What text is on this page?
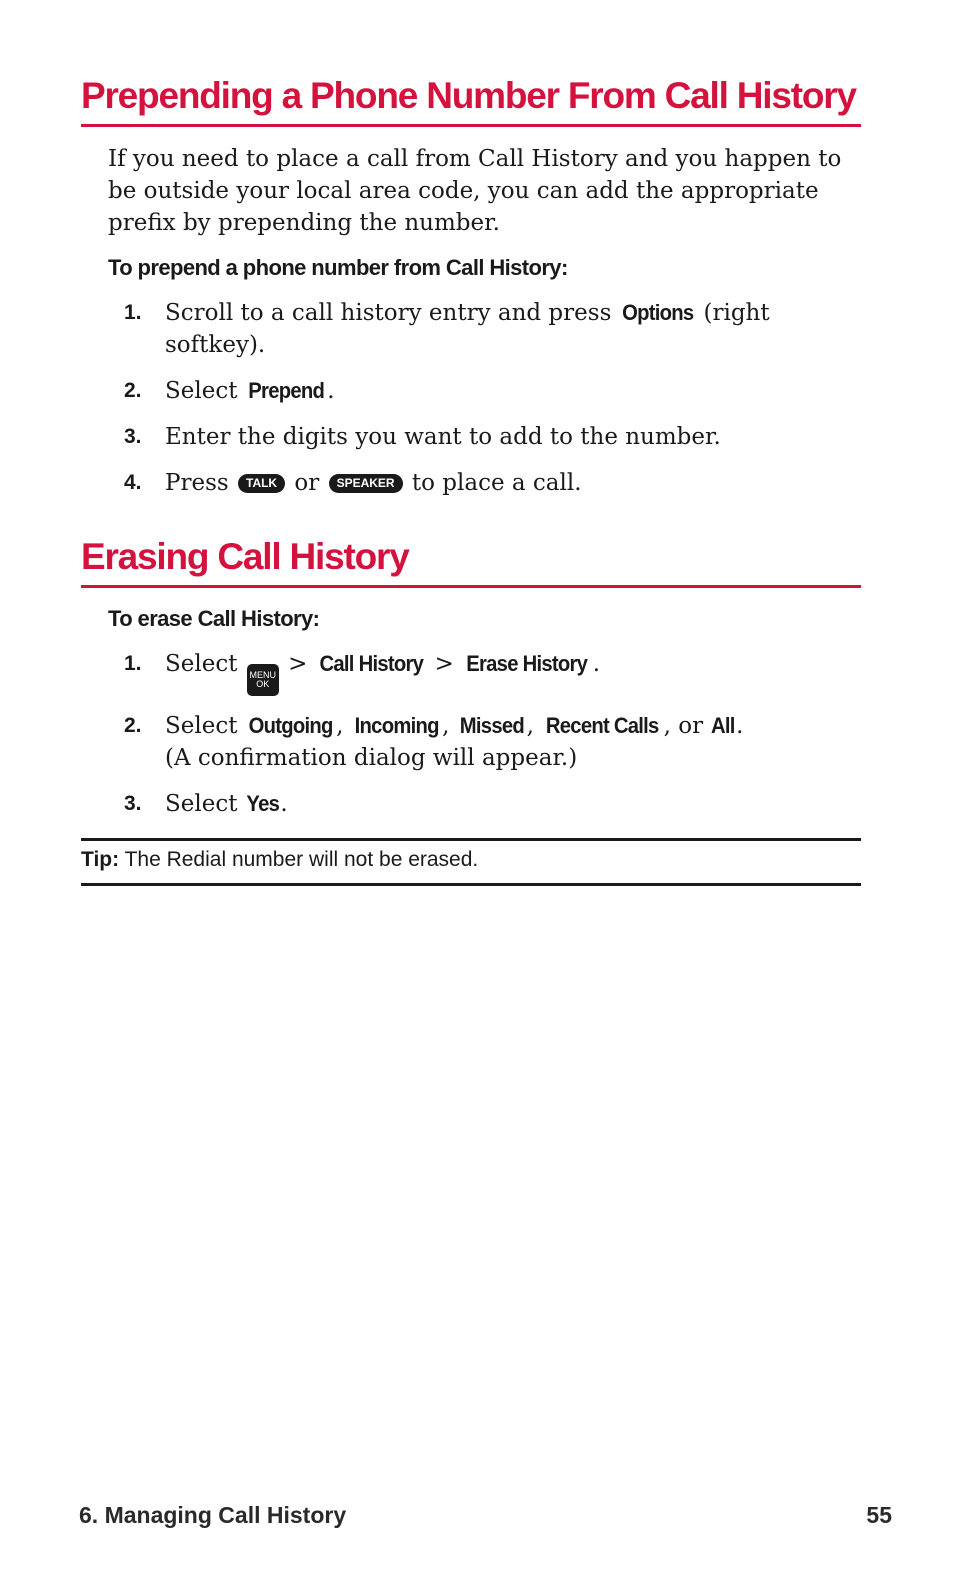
Prepending a Phone Number From Call History

If you need to place a call from Call History and you happen to be outside your local area code, you can add the appropriate prefix by prepending the number.

To prepend a phone number from Call History:
1.	Scroll to a call history entry and press Options (right softkey).
2.	Select Prepend .
3.	Enter the digits you want to add to the number.
4.	Press TALK or SPEAKER to place a call.
Erasing Call History
To erase Call History:
1.	Select MENU
OK
> Call History > Erase History .
2.	Select Outgoing , Incoming , Missed , Recent Calls , or All.
(A confirmation dialog will appear.)
3.	Select Yes.
Tip: The Redial number will not be erased.
6. Managing Call History	55
